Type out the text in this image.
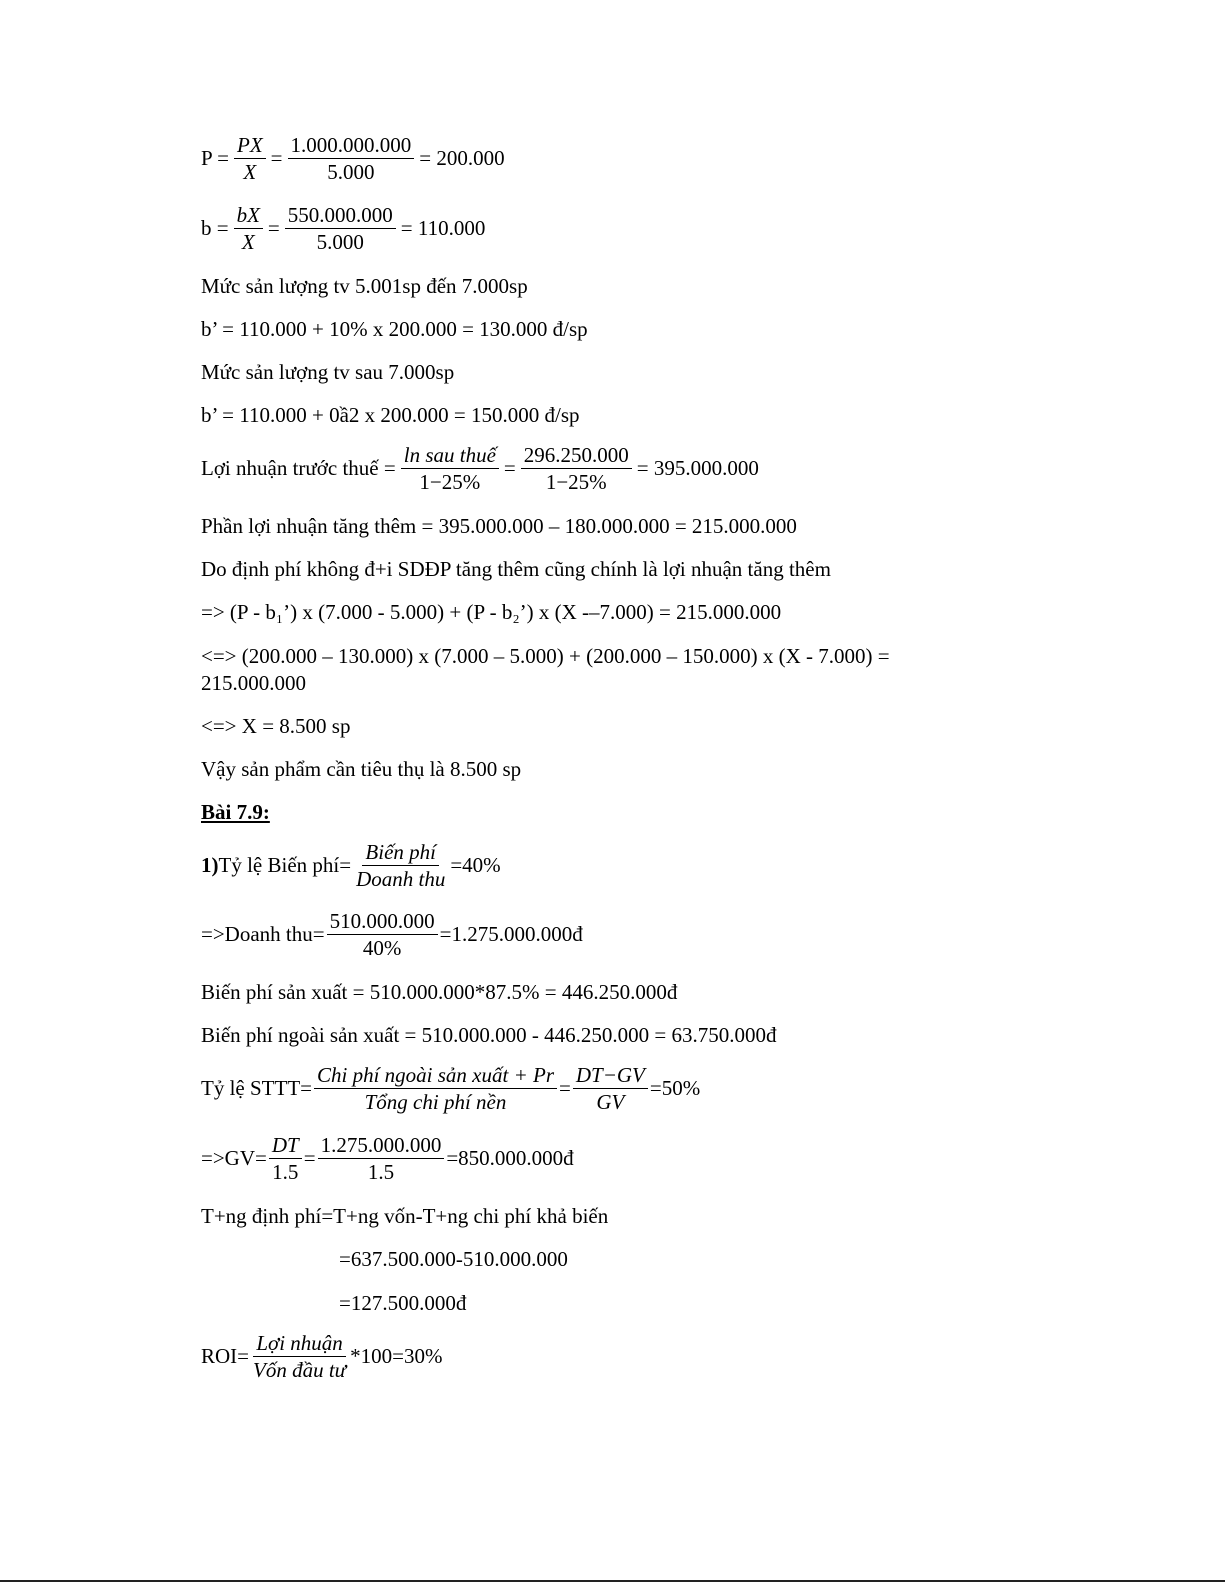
$P = \frac{PX}{X} = \frac{1.000.000.000}{5.000} = 200.000$
$b = \frac{bX}{X} = \frac{550.000.000}{5.000} = 110.000$
Mức sản lượng tv 5.001sp đến 7.000sp
b’ = 110.000 + 10% x 200.000 = 130.000 đ/sp
Mức sản lượng tv sau 7.000sp
b’ = 110.000 + 0ầ2 x 200.000 = 150.000 đ/sp
Lợi nhuận trước thuế = $\frac{\text{ln sau thuế}}{1-25\%} = \frac{296.250.000}{1-25\%} = 395.000.000$
Phần lợi nhuận tăng thêm = 395.000.000 – 180.000.000 = 215.000.000
Do định phí không đ+i SDĐP tăng thêm cũng chính là lợi nhuận tăng thêm
=> (P - b₁’) x (7.000 - 5.000) + (P - b₂’) x (X -–7.000) = 215.000.000
<=> (200.000 – 130.000) x (7.000 – 5.000) + (200.000 – 150.000) x (X - 7.000) =
215.000.000
<=> X = 8.500 sp
Vậy sản phẩm cần tiêu thụ là 8.500 sp
Bài 7.9:
1) Tỷ lệ Biến phí= $\frac{\text{Biến phí}}{\text{Doanh thu}} =40\%$
=>Doanh $thu= \frac{510.000.000}{40\%}$ =1.275.000.000đ
Biến phí sản xuất = 510.000.000*87.5% = 446.250.000đ
Biến phí ngoài sản xuất = 510.000.000 - 446.250.000 = 63.750.000đ
Tỷ lệ STTT= $\frac{\text{Chi phí ngoài sản xuất + Pr}}{\text{Tổng chi phí nền}} = \frac{DT-GV}{GV} =50\%$
$=>GV= \frac{DT}{1.5} = \frac{1.275.000.000}{1.5}$ =850.000.000đ
T+ng định phí=T+ng vốn-T+ng chi phí khả biến
=637.500.000-510.000.000
=127.500.000đ
$ROI= \frac{\text{Lợi nhuận}}{\text{Vốn đầu tư}} *100=30\%$
